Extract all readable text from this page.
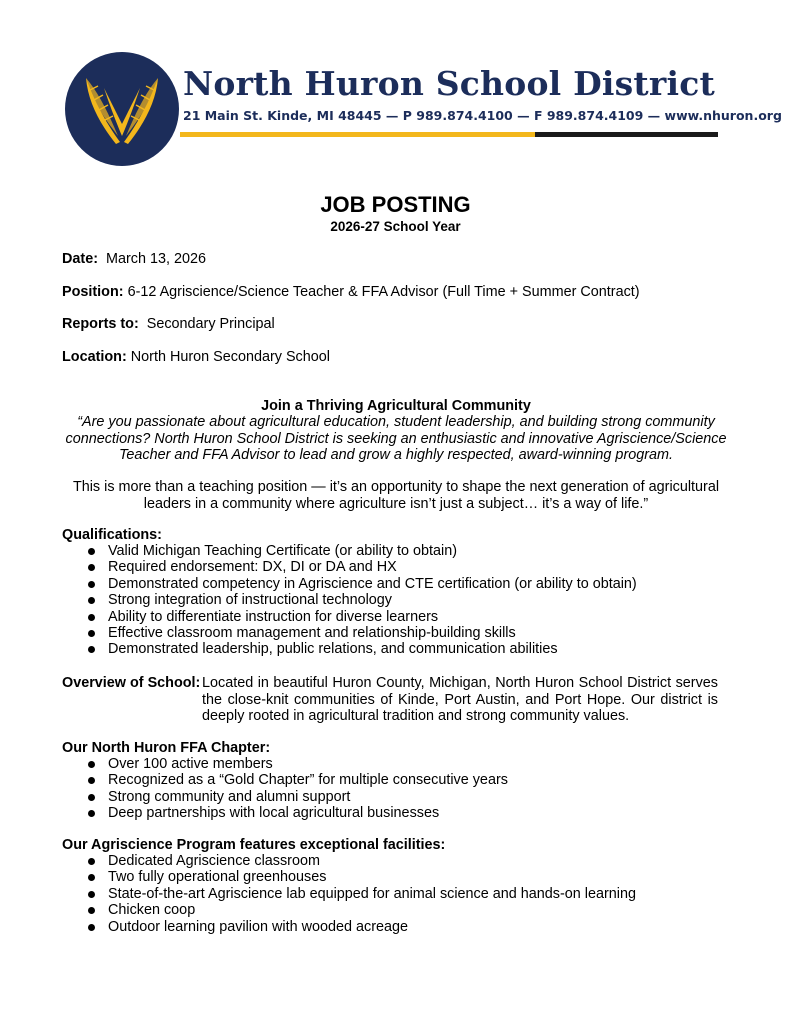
North Huron School District
21 Main St. Kinde, MI 48445 — P 989.874.4100 — F 989.874.4109 — www.nhuron.org
JOB POSTING
2026-27 School Year
Date: March 13, 2026
Position: 6-12 Agriscience/Science Teacher & FFA Advisor (Full Time + Summer Contract)
Reports to: Secondary Principal
Location: North Huron Secondary School
Join a Thriving Agricultural Community
“Are you passionate about agricultural education, student leadership, and building strong community connections? North Huron School District is seeking an enthusiastic and innovative Agriscience/Science Teacher and FFA Advisor to lead and grow a highly respected, award-winning program.
This is more than a teaching position — it’s an opportunity to shape the next generation of agricultural leaders in a community where agriculture isn’t just a subject… it’s a way of life.”
Qualifications:
Valid Michigan Teaching Certificate (or ability to obtain)
Required endorsement: DX, DI or DA and HX
Demonstrated competency in Agriscience and CTE certification (or ability to obtain)
Strong integration of instructional technology
Ability to differentiate instruction for diverse learners
Effective classroom management and relationship-building skills
Demonstrated leadership, public relations, and communication abilities
Overview of School: Located in beautiful Huron County, Michigan, North Huron School District serves the close-knit communities of Kinde, Port Austin, and Port Hope. Our district is deeply rooted in agricultural tradition and strong community values.
Our North Huron FFA Chapter:
Over 100 active members
Recognized as a “Gold Chapter” for multiple consecutive years
Strong community and alumni support
Deep partnerships with local agricultural businesses
Our Agriscience Program features exceptional facilities:
Dedicated Agriscience classroom
Two fully operational greenhouses
State-of-the-art Agriscience lab equipped for animal science and hands-on learning
Chicken coop
Outdoor learning pavilion with wooded acreage
